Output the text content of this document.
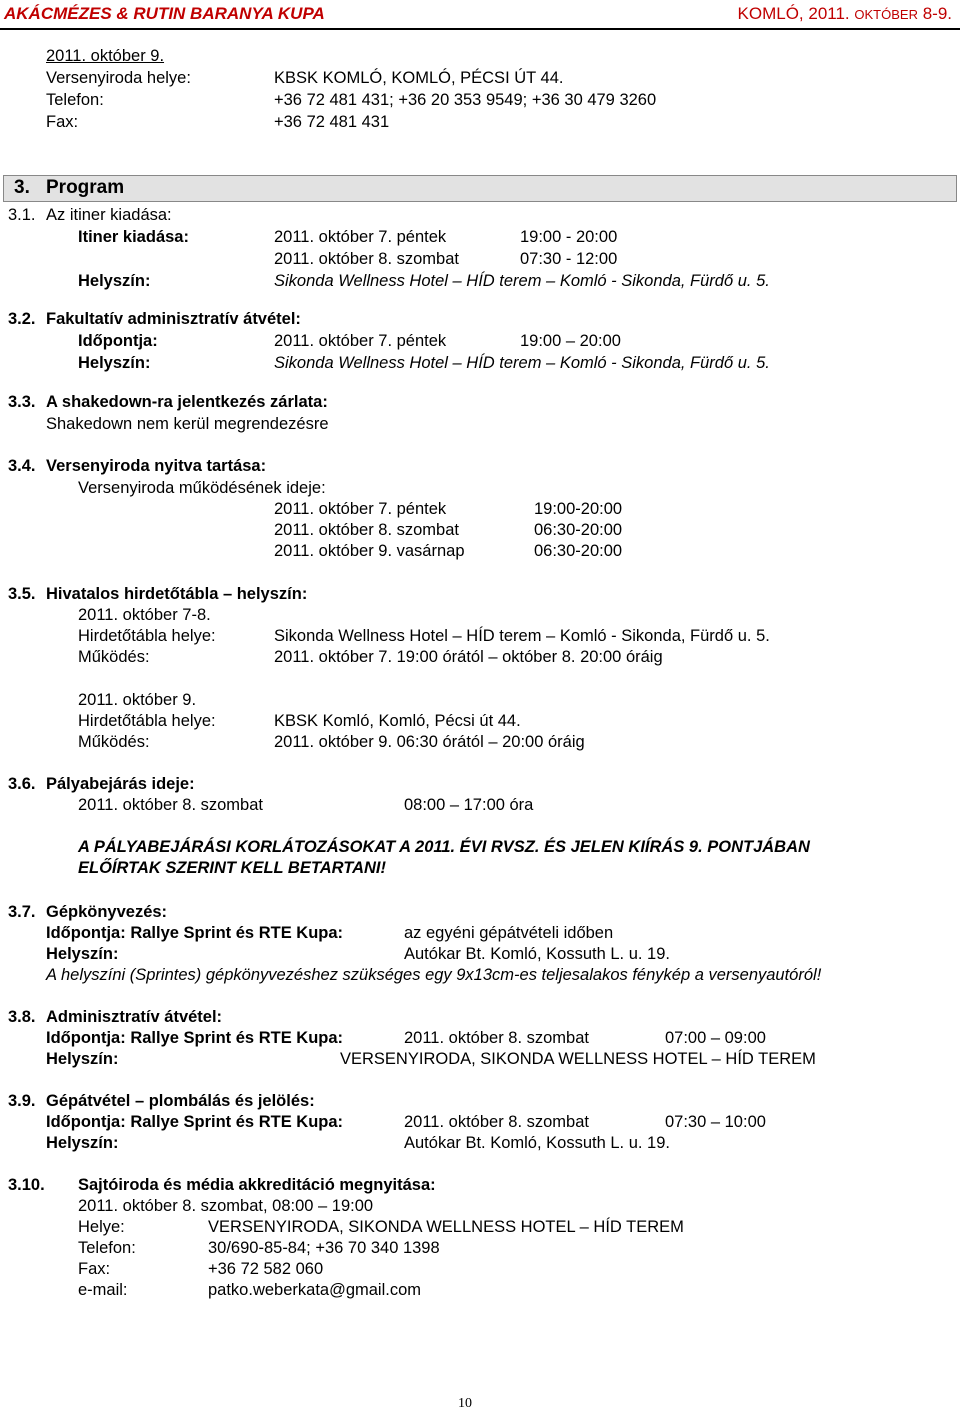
AKÁCMÉZES & RUTIN BARANYA KUPA	KOMLÓ, 2011. OKTÓBER 8-9.
2011. október 9.
Versenyiroda helye:	KBSK KOMLÓ, KOMLÓ, PÉCSI ÚT 44.
Telefon:	+36 72 481 431; +36 20 353 9549; +36 30 479 3260
Fax:	+36 72 481 431
3. Program
3.1. Az itiner kiadása:
Itiner kiadása:	2011. október 7. péntek	19:00 - 20:00
2011. október 8. szombat	07:30 - 12:00
Helyszín:	Sikonda Wellness Hotel – HÍD terem – Komló - Sikonda, Fürdő u. 5.
3.2. Fakultatív adminisztratív átvétel:
Időpontja:	2011. október 7. péntek	19:00 – 20:00
Helyszín:	Sikonda Wellness Hotel – HÍD terem – Komló - Sikonda, Fürdő u. 5.
3.3. A shakedown-ra jelentkezés zárlata:
Shakedown nem kerül megrendezésre
3.4. Versenyiroda nyitva tartása:
Versenyiroda működésének ideje:
2011. október 7. péntek	19:00-20:00
2011. október 8. szombat	06:30-20:00
2011. október 9. vasárnap	06:30-20:00
3.5. Hivatalos hirdetőtábla – helyszín:
2011. október 7-8.
Hirdetőtábla helye:	Sikonda Wellness Hotel – HÍD terem – Komló - Sikonda, Fürdő u. 5.
Működés:	2011. október 7. 19:00 órától – október 8. 20:00 óráig
2011. október 9.
Hirdetőtábla helye:	KBSK Komló, Komló, Pécsi út 44.
Működés:	2011. október 9. 06:30 órától – 20:00 óráig
3.6. Pályabejárás ideje:
2011. október 8. szombat	08:00 – 17:00 óra
A PÁLYABEJÁRÁSI KORLÁTOZÁSOKAT A 2011. ÉVI RVSZ. ÉS JELEN KIÍRÁS 9. PONTJÁBAN
ELŐÍRTAK SZERINT KELL BETARTANI!
3.7. Gépkönyvezés:
Időpontja: Rallye Sprint és RTE Kupa:	az egyéni gépátvételi időben
Helyszín:	Autókar Bt. Komló, Kossuth L. u. 19.
A helyszíni (Sprintes) gépkönyvezéshez szükséges egy 9x13cm-es teljesalakos fénykép a versenyautóról!
3.8. Adminisztratív átvétel:
Időpontja: Rallye Sprint és RTE Kupa:	2011. október 8. szombat	07:00 – 09:00
Helyszín:	VERSENYIRODA, SIKONDA WELLNESS HOTEL – HÍD TEREM
3.9. Gépátvétel – plombálás és jelölés:
Időpontja: Rallye Sprint és RTE Kupa:	2011. október 8. szombat	07:30 – 10:00
Helyszín:	Autókar Bt. Komló, Kossuth L. u. 19.
3.10. Sajtóiroda és média akkreditáció megnyitása:
2011. október 8. szombat, 08:00 – 19:00
Helye:	VERSENYIRODA, SIKONDA WELLNESS HOTEL – HÍD TEREM
Telefon:	30/690-85-84; +36 70 340 1398
Fax:	+36 72 582 060
e-mail:	patko.weberkata@gmail.com
10
